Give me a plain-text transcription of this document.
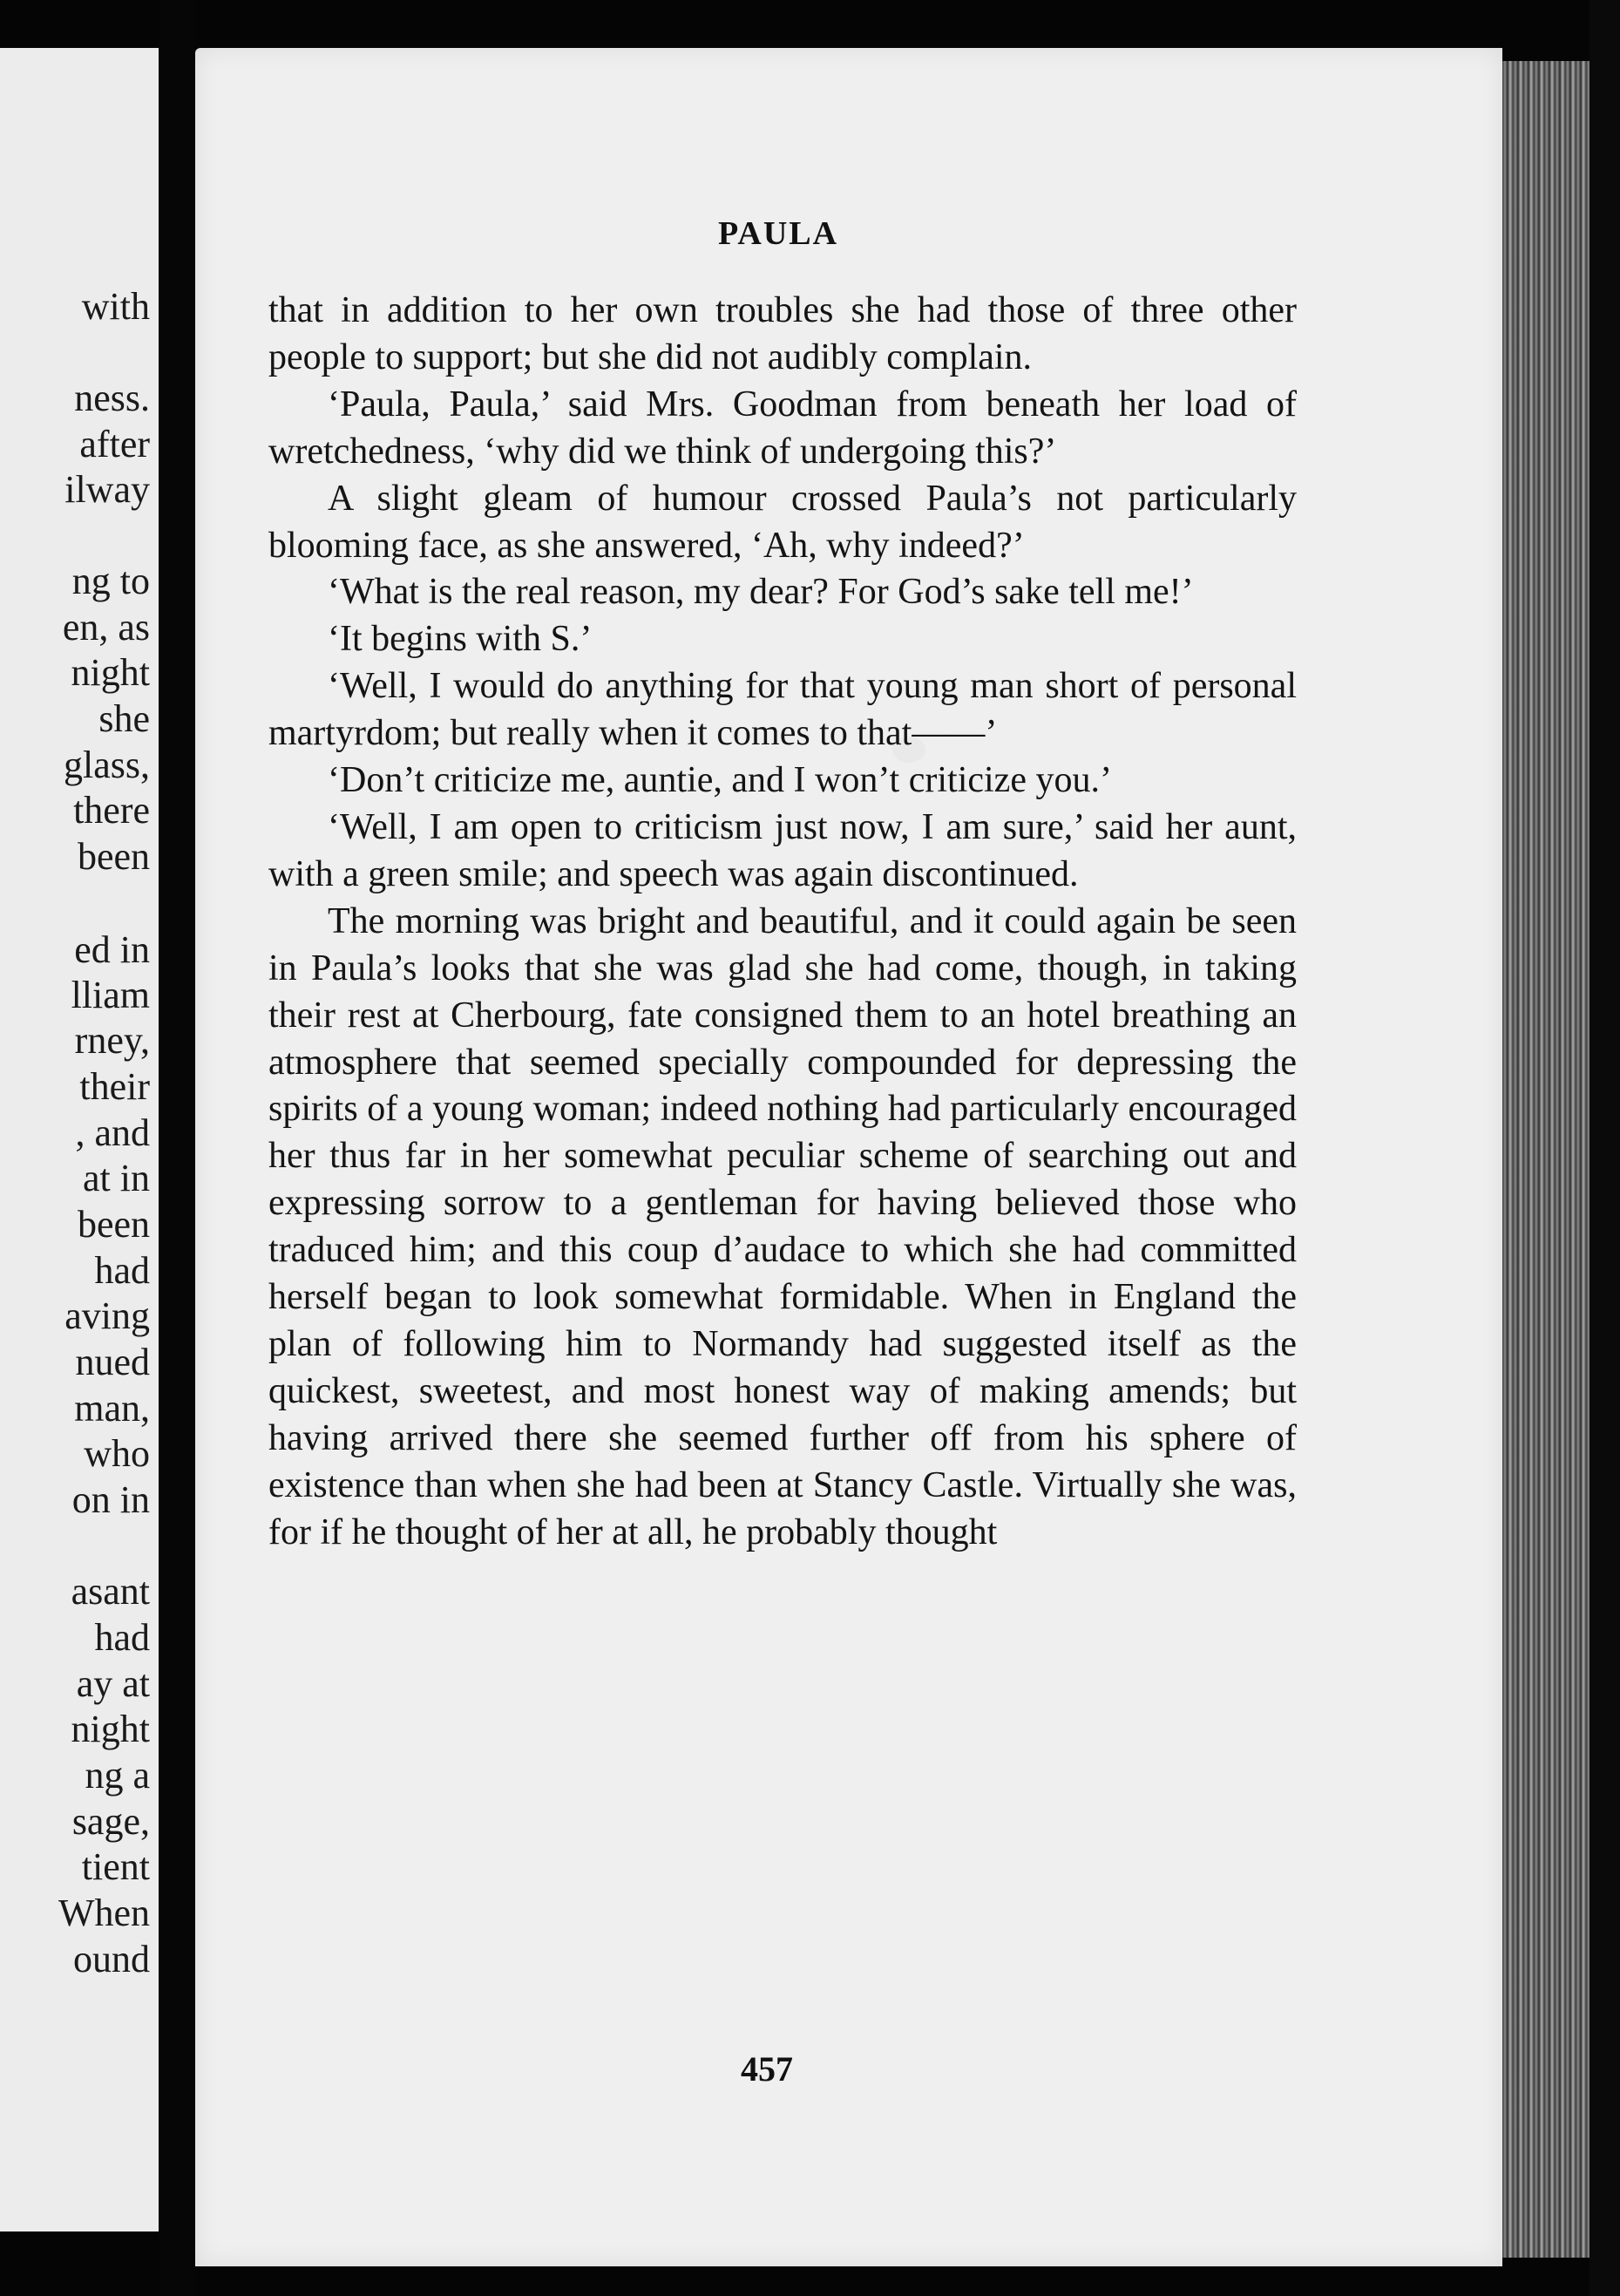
with
ness.
after
ilway
ng to
en, as
night
she
glass,
there
been
ed in
lliam
rney,
their
, and
at in
been
had
aving
nued
man,
who
on in
asant
had
ay at
night
ng a
sage,
tient
When
ound
PAULA

that in addition to her own troubles she had those of three other people to support; but she did not audibly complain.

‘Paula, Paula,’ said Mrs. Goodman from beneath her load of wretchedness, ‘why did we think of undergoing this?’

A slight gleam of humour crossed Paula’s not particularly blooming face, as she answered, ‘Ah, why indeed?’

‘What is the real reason, my dear? For God’s sake tell me!’

‘It begins with S.’

‘Well, I would do anything for that young man short of personal martyrdom; but really when it comes to that——’

‘Don’t criticize me, auntie, and I won’t criticize you.’

‘Well, I am open to criticism just now, I am sure,’ said her aunt, with a green smile; and speech was again discontinued.

The morning was bright and beautiful, and it could again be seen in Paula’s looks that she was glad she had come, though, in taking their rest at Cherbourg, fate consigned them to an hotel breathing an atmosphere that seemed specially compounded for depressing the spirits of a young woman; indeed nothing had particularly encouraged her thus far in her somewhat peculiar scheme of searching out and expressing sorrow to a gentleman for having believed those who traduced him; and this coup d’audace to which she had committed herself began to look somewhat formidable. When in England the plan of following him to Normandy had suggested itself as the quickest, sweetest, and most honest way of making amends; but having arrived there she seemed further off from his sphere of existence than when she had been at Stancy Castle. Virtually she was, for if he thought of her at all, he probably thought

457
